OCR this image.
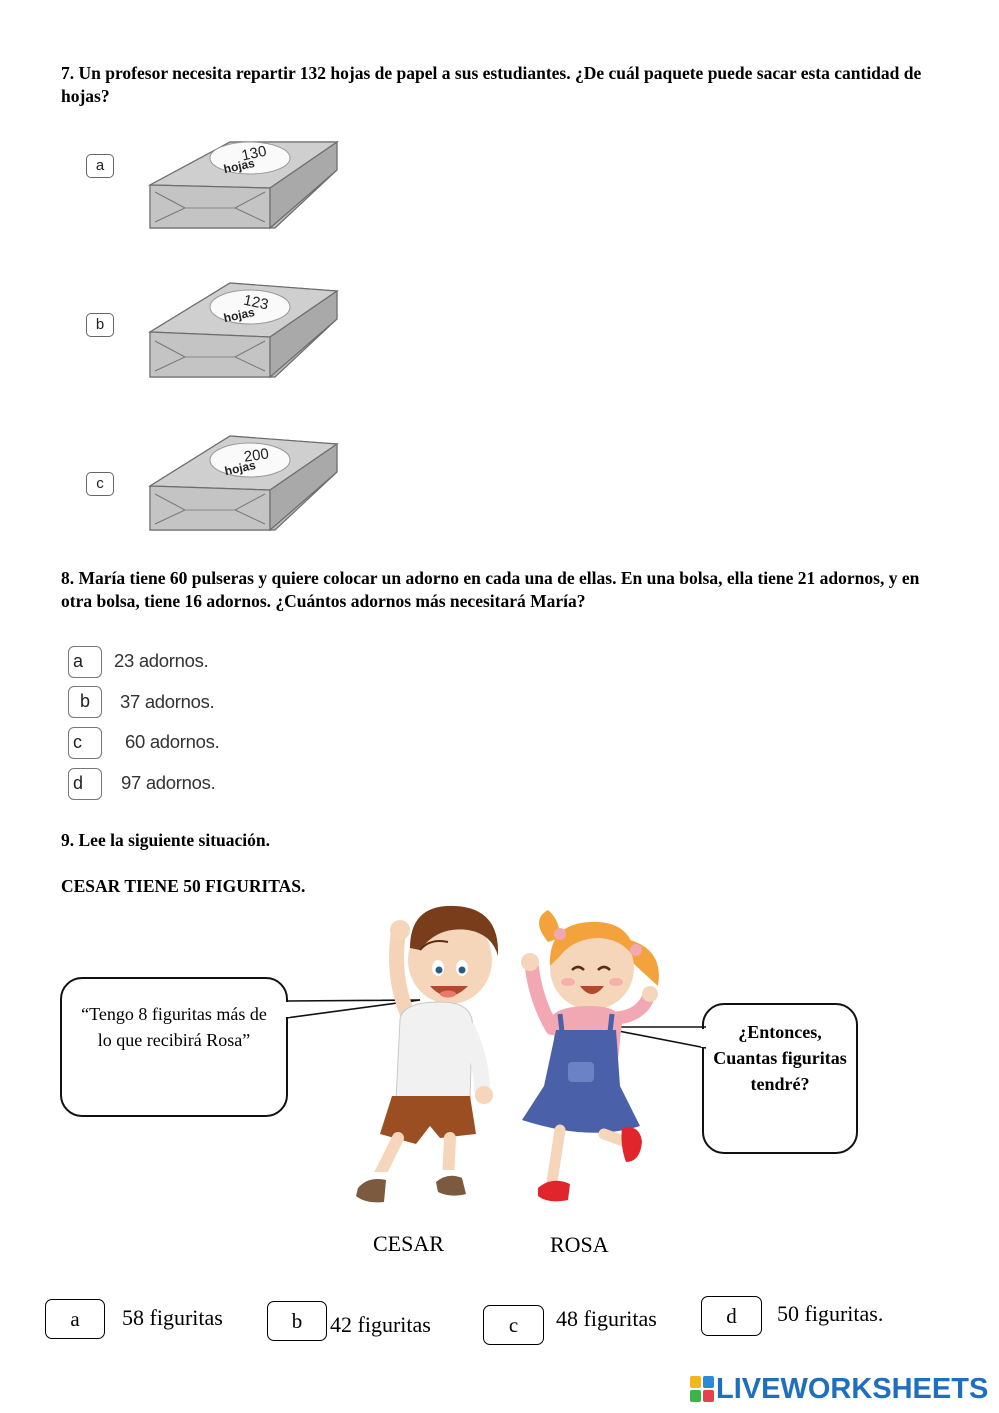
7. Un profesor necesita repartir 132 hojas de papel a sus estudiantes. ¿De cuál paquete puede sacar esta cantidad de hojas?
a
130
hojas
b
123
hojas
c
200
hojas
8. María tiene 60 pulseras y quiere colocar un adorno en cada una de ellas. En una bolsa, ella tiene 21 adornos, y en otra bolsa, tiene 16 adornos. ¿Cuántos adornos más necesitará María?
a	23 adornos.
b	37 adornos.
c	60 adornos.
d	97 adornos.
9. Lee la siguiente situación.
CESAR TIENE 50 FIGURITAS.
“Tengo 8 figuritas más de lo que recibirá Rosa”	¿Entonces, Cuantas figuritas tendré?
CESAR	ROSA
a	58 figuritas	b	42 figuritas	c	48 figuritas	d	50 figuritas.
LIVEWORKSHEETS
